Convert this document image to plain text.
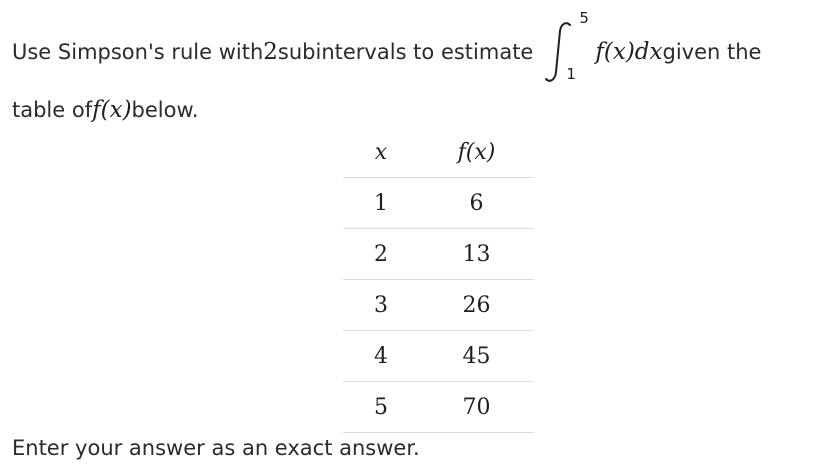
Use Simpson's rule with 2 subintervals to estimate
5
1
f(x)dx given the
table of f(x) below.
x	f(x)
1	6
2	13
3	26
4	45
5	70
Enter your answer as an exact answer.
